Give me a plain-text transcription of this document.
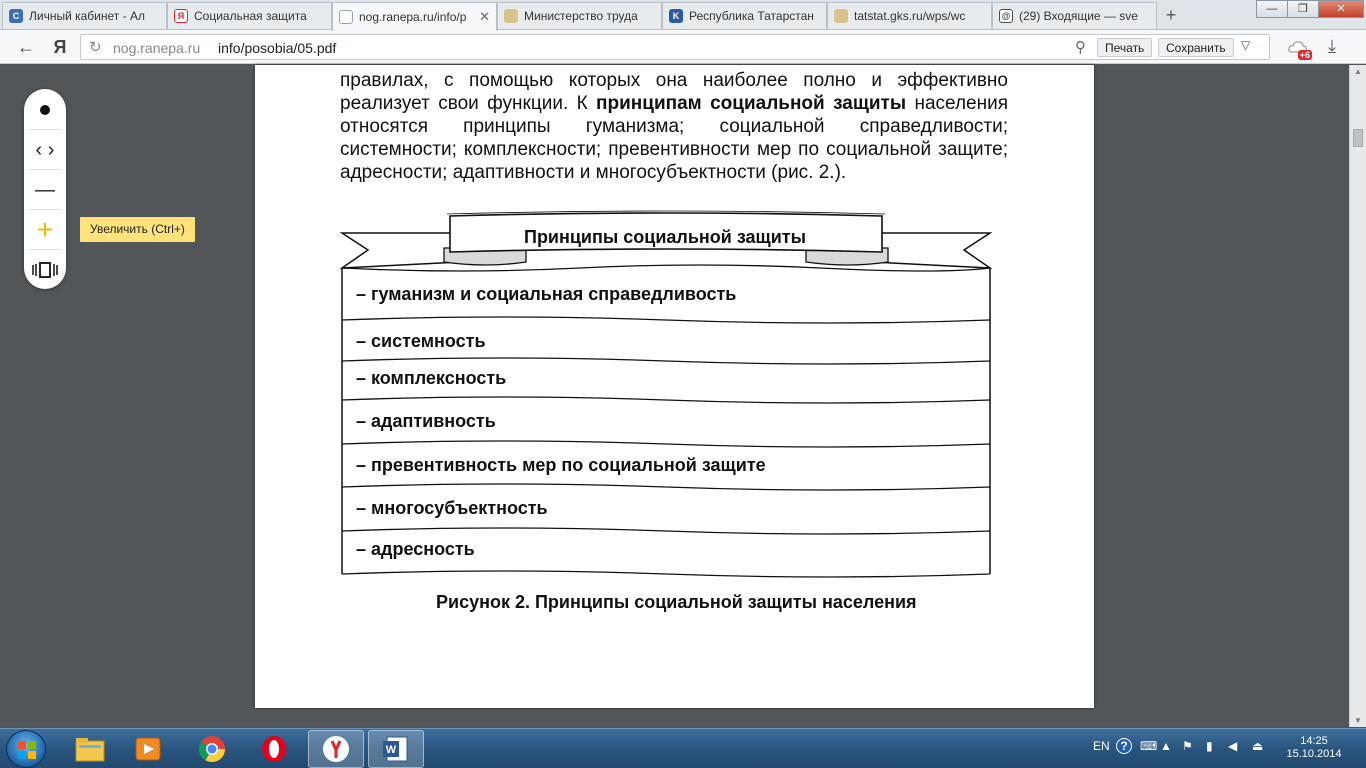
C Личный кабинет - Ал	Я Социальная защита	nog.ranepa.ru/info/p ✕	Министерство труда	K Республика Татарстан	tatstat.gks.ru/wps/wc	@ (29) Входящие — sve	+	—	❐	✕
←	Я	↻ nog.ranepa.ru info/posobia/05.pdf	⚲	Печать	Сохранить	▽
+6 ⤓
правилах, с помощью которых она наиболее полно и эффективно реализует свои функции. К принципам социальной защиты населения относятся принципы гуманизма; социальной справедливости; системности; комплексности; превентивности мер по социальной защите; адресности; адаптивности и многосубъектности (рис. 2.).
Принципы социальной защиты
– гуманизм и социальная справедливость
– системность
– комплексность
– адаптивность
– превентивность мер по социальной защите
– многосубъектность
– адресность
Рисунок 2. Принципы социальной защиты населения
▲
▼
‹ ›
—
+	Увеличить (Ctrl+)
W	EN ?	⌨ ▲ ⚑ ▮ ◀ ⏏	14:25
15.10.2014
